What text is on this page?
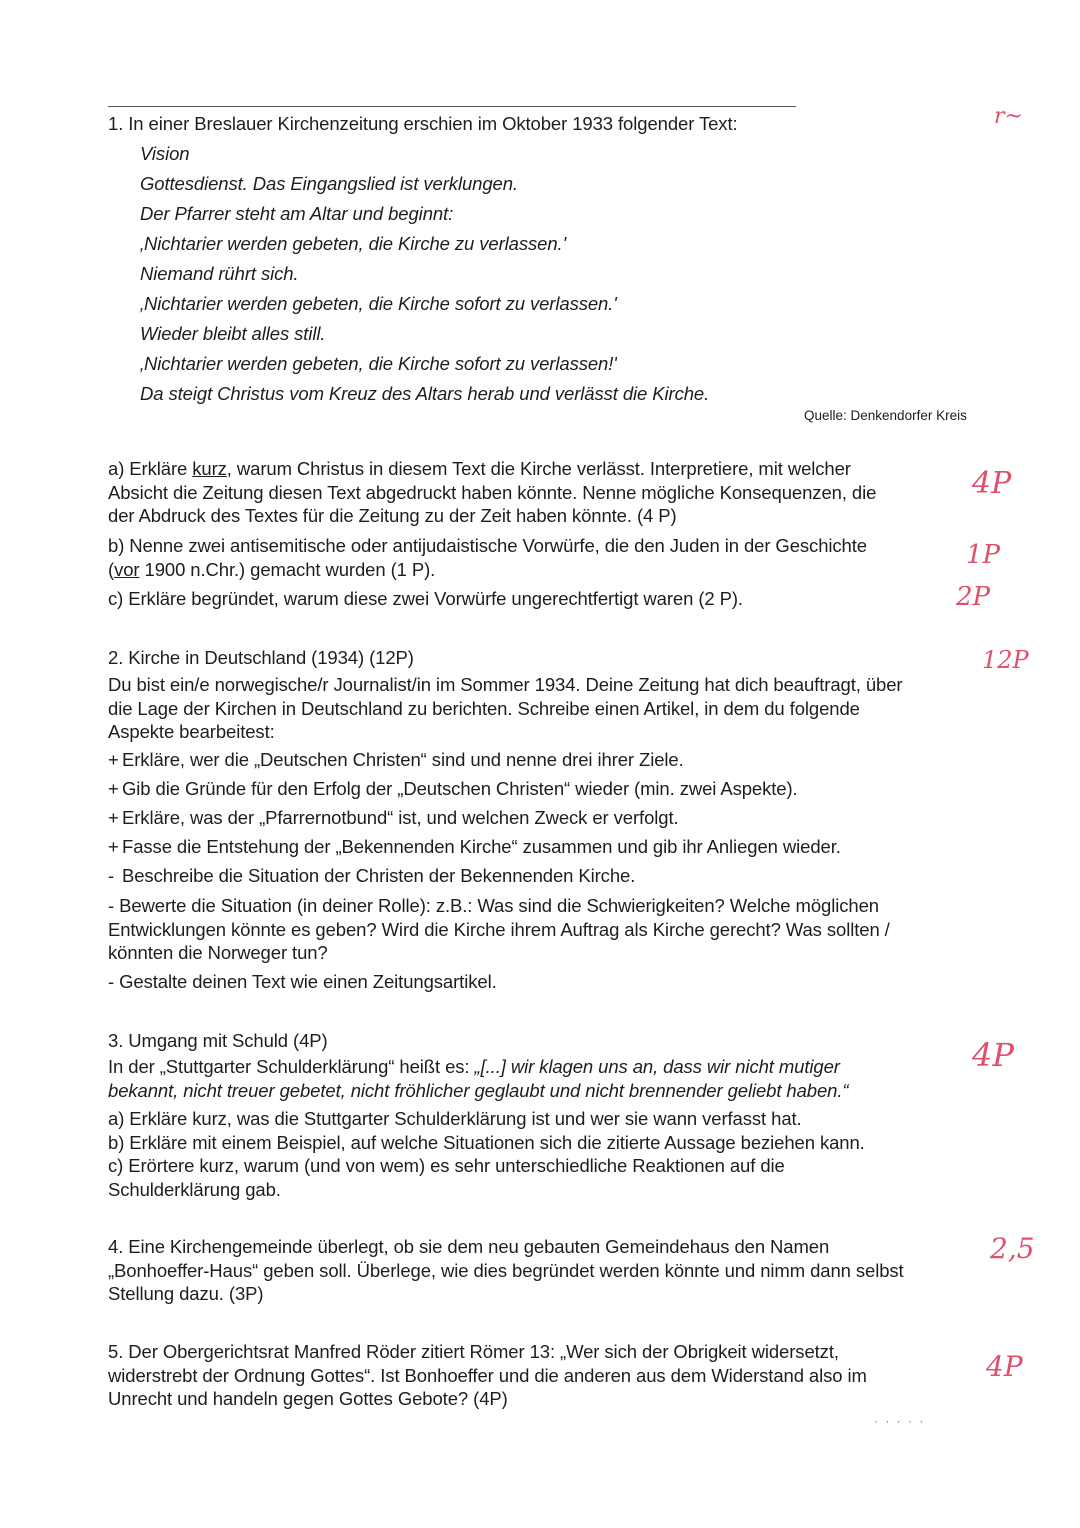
1. In einer Breslauer Kirchenzeitung erschien im Oktober 1933 folgender Text:
Vision
Gottesdienst. Das Eingangslied ist verklungen.
Der Pfarrer steht am Altar und beginnt:
‚Nichtarier werden gebeten, die Kirche zu verlassen.'
Niemand rührt sich.
‚Nichtarier werden gebeten, die Kirche sofort zu verlassen.'
Wieder bleibt alles still.
‚Nichtarier werden gebeten, die Kirche sofort zu verlassen!'
Da steigt Christus vom Kreuz des Altars herab und verlässt die Kirche.
Quelle: Denkendorfer Kreis

a) Erkläre kurz, warum Christus in diesem Text die Kirche verlässt. Interpretiere, mit welcher

Absicht die Zeitung diesen Text abgedruckt haben könnte. Nenne mögliche Konsequenzen, die

der Abdruck des Textes für die Zeitung zu der Zeit haben könnte. (4 P)

b) Nenne zwei antisemitische oder antijudaistische Vorwürfe, die den Juden in der Geschichte

(vor 1900 n.Chr.) gemacht wurden (1 P).

c) Erkläre begründet, warum diese zwei Vorwürfe ungerechtfertigt waren (2 P).
2. Kirche in Deutschland (1934) (12P)

Du bist ein/e norwegische/r Journalist/in im Sommer 1934. Deine Zeitung hat dich beauftragt, über

die Lage der Kirchen in Deutschland zu berichten. Schreibe einen Artikel, in dem du folgende

Aspekte bearbeitest:

+ Erkläre, wer die „Deutschen Christen“ sind und nenne drei ihrer Ziele.
+ Gib die Gründe für den Erfolg der „Deutschen Christen“ wieder (min. zwei Aspekte).
+ Erkläre, was der „Pfarrernotbund“ ist, und welchen Zweck er verfolgt.
+ Fasse die Entstehung der „Bekennenden Kirche“ zusammen und gib ihr Anliegen wieder.
- Beschreibe die Situation der Christen der Bekennenden Kirche.

- Bewerte die Situation (in deiner Rolle): z.B.: Was sind die Schwierigkeiten? Welche möglichen

Entwicklungen könnte es geben? Wird die Kirche ihrem Auftrag als Kirche gerecht? Was sollten /

könnten die Norweger tun?

- Gestalte deinen Text wie einen Zeitungsartikel.
3. Umgang mit Schuld (4P)

In der „Stuttgarter Schulderklärung“ heißt es: „[...] wir klagen uns an, dass wir nicht mutiger

bekannt, nicht treuer gebetet, nicht fröhlicher geglaubt und nicht brennender geliebt haben.“

a) Erkläre kurz, was die Stuttgarter Schulderklärung ist und wer sie wann verfasst hat.

b) Erkläre mit einem Beispiel, auf welche Situationen sich die zitierte Aussage beziehen kann.

c) Erörtere kurz, warum (und von wem) es sehr unterschiedliche Reaktionen auf die

Schulderklärung gab.

4. Eine Kirchengemeinde überlegt, ob sie dem neu gebauten Gemeindehaus den Namen

„Bonhoeffer-Haus“ geben soll. Überlege, wie dies begründet werden könnte und nimm dann selbst

Stellung dazu. (3P)

5. Der Obergerichtsrat Manfred Röder zitiert Römer 13: „Wer sich der Obrigkeit widersetzt,

widerstrebt der Ordnung Gottes“. Ist Bonhoeffer und die anderen aus dem Widerstand also im

Unrecht und handeln gegen Gottes Gebote? (4P)

· · · · ·
r~
4P
1P
2P
12P
4P
2,5
4P
